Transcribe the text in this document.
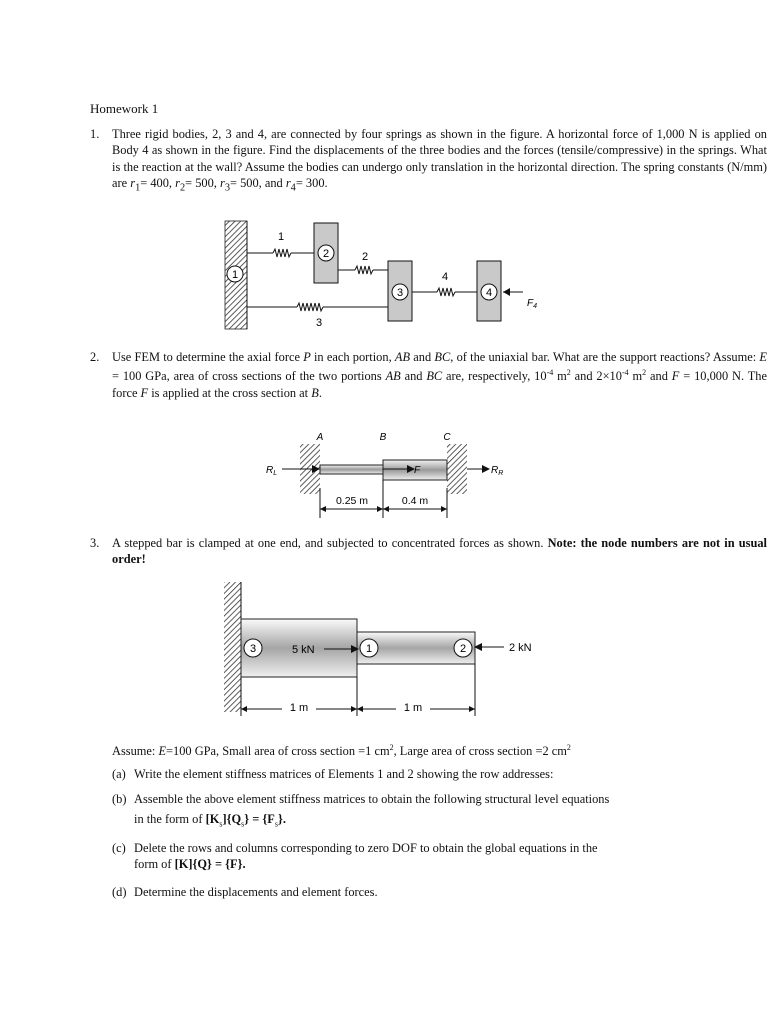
Homework 1
1. Three rigid bodies, 2, 3 and 4, are connected by four springs as shown in the figure. A horizontal force of 1,000 N is applied on Body 4 as shown in the figure. Find the displacements of the three bodies and the forces (tensile/compressive) in the springs. What is the reaction at the wall? Assume the bodies can undergo only translation in the horizontal direction. The spring constants (N/mm) are $r_1= 400$, $r_2= 500$, $r_3= 500$, and $r_4= 300$.
1
1
2	2
3
3
4
4
$F_4$
2. Use FEM to determine the axial force P in each portion, AB and BC, of the uniaxial bar. What are the support reactions? Assume: E = 100 GPa, area of cross sections of the two portions AB and BC are, respectively, $10^{-4}$ $m^2$ and $2\times 10^{-4}$ $m^2$ and F = 10,000 N. The force F is applied at the cross section at B.
A	B	C
$R_L$	F	$R_R$
0.25 m	0.4 m
3. A stepped bar is clamped at one end, and subjected to concentrated forces as shown. Note: the node numbers are not in usual order!
3	1	2
5 kN	2 kN
1 m	1 m
Assume: E=100 GPa, Small area of cross section =1 $cm^2$, Large area of cross section =2 $cm^2$
(a) Write the element stiffness matrices of Elements 1 and 2 showing the row addresses:
(b) Assemble the above element stiffness matrices to obtain the following structural level equations
in the form of $[K_s]\{Q_s\} = \{F_s\}$.
(c) Delete the rows and columns corresponding to zero DOF to obtain the global equations in the
form of [K]{Q} = {F}.
(d) Determine the displacements and element forces.
